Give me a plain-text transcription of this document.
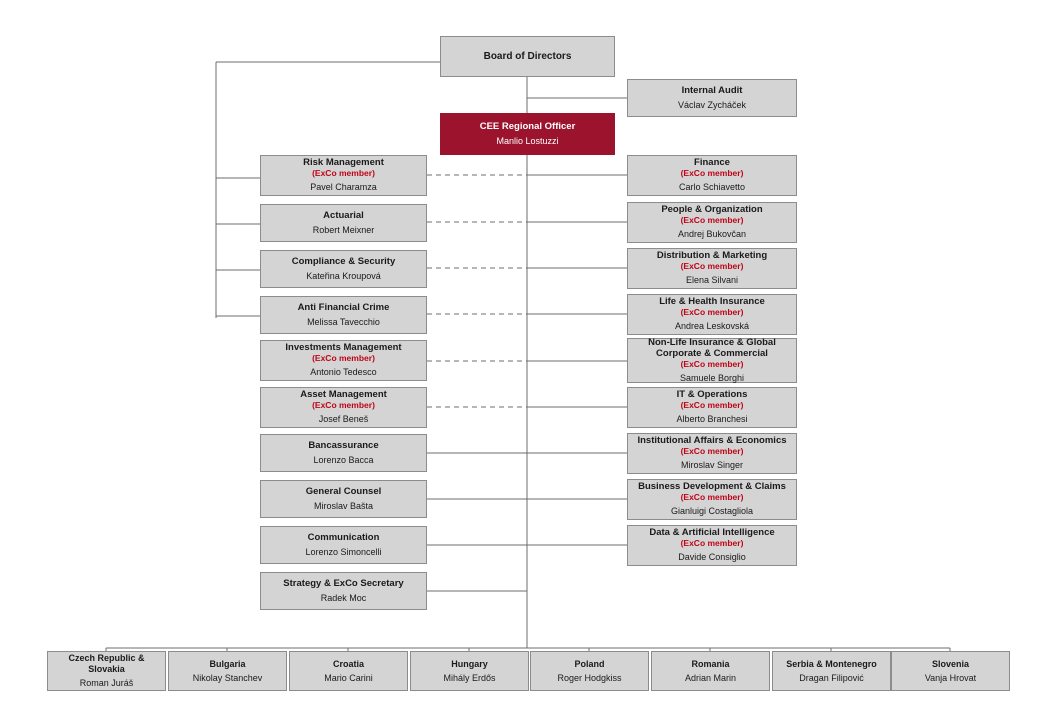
Board of Directors
Internal Audit
Václav Zycháček
CEE Regional Officer
Manlio Lostuzzi
Risk Management
(ExCo member)
Pavel Charamza
Actuarial
Robert Meixner
Compliance & Security
Kateřina Kroupová
Anti Financial Crime
Melissa Tavecchio
Investments Management
(ExCo member)
Antonio Tedesco
Asset Management
(ExCo member)
Josef Beneš
Bancassurance
Lorenzo Bacca
General Counsel
Miroslav Bašta
Communication
Lorenzo Simoncelli
Strategy & ExCo Secretary
Radek Moc
Finance
(ExCo member)
Carlo Schiavetto
People & Organization
(ExCo member)
Andrej Bukovčan
Distribution & Marketing
(ExCo member)
Elena Silvani
Life & Health Insurance
(ExCo member)
Andrea Leskovská
Non-Life Insurance & Global Corporate & Commercial
(ExCo member)
Samuele Borghi
IT & Operations
(ExCo member)
Alberto Branchesi
Institutional Affairs & Economics
(ExCo member)
Miroslav Singer
Business Development & Claims
(ExCo member)
Gianluigi Costagliola
Data & Artificial Intelligence
(ExCo member)
Davide Consiglio
Czech Republic & Slovakia
Roman Juráš
Bulgaria
Nikolay Stanchev
Croatia
Mario Carini
Hungary
Mihály Erdős
Poland
Roger Hodgkiss
Romania
Adrian Marin
Serbia & Montenegro
Dragan Filipović
Slovenia
Vanja Hrovat
